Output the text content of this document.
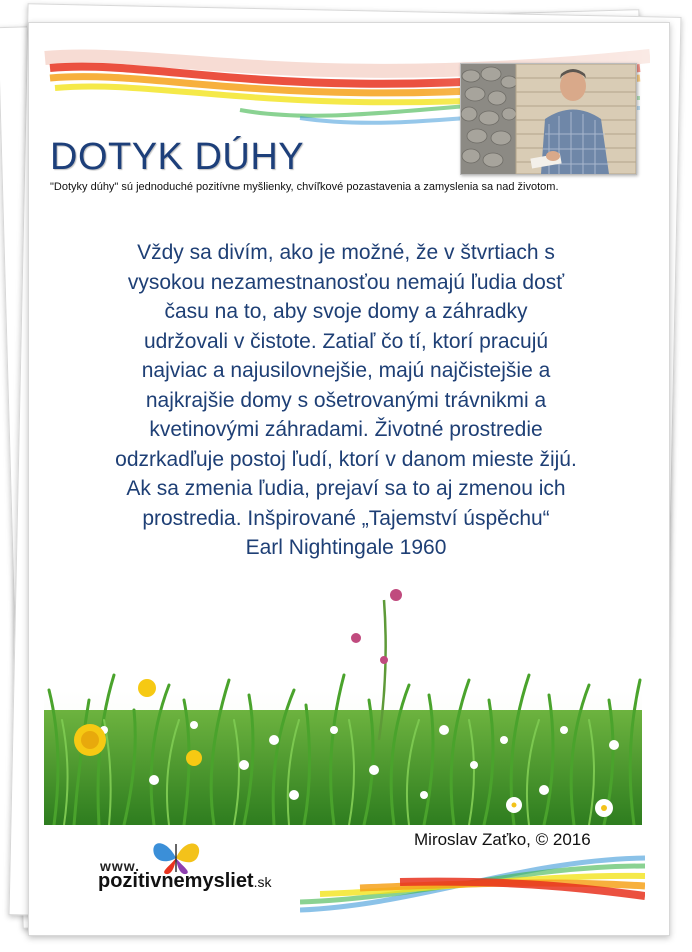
DOTYK DÚHY
"Dotyky dúhy" sú jednoduché pozitívne myšlienky, chvíľkové pozastavenia a zamyslenia sa nad životom.
Vždy sa divím, ako je možné, že v štvrtiach s
vysokou nezamestnanosťou nemajú ľudia dosť
času na to, aby svoje domy a záhradky
udržovali v čistote. Zatiaľ čo tí, ktorí pracujú
najviac a najusilovnejšie, majú najčistejšie a
najkrajšie domy s ošetrovanými trávnikmi a
kvetinovými záhradami. Životné prostredie
odzrkadľuje postoj ľudí, ktorí v danom mieste žijú.
Ak sa zmenia ľudia, prejaví sa to aj zmenou ich
prostredia. Inšpirované „Tajemství úspěchu“
Earl Nightingale 1960
Miroslav Zaťko, © 2016
www.
pozitivnemysliet.sk
